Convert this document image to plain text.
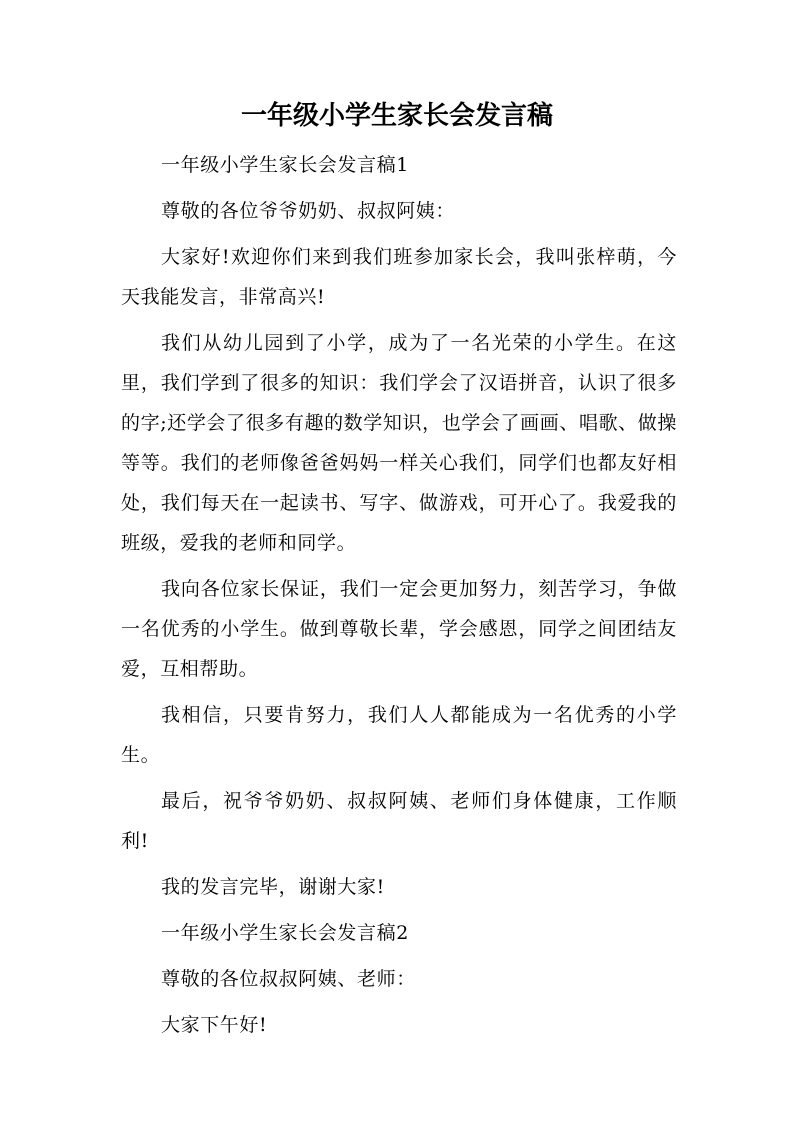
一年级小学生家长会发言稿

一年级小学生家长会发言稿1

尊敬的各位爷爷奶奶、叔叔阿姨：

大家好!欢迎你们来到我们班参加家长会，我叫张梓萌，今天我能发言，非常高兴!

我们从幼儿园到了小学，成为了一名光荣的小学生。在这里，我们学到了很多的知识：我们学会了汉语拼音，认识了很多的字;还学会了很多有趣的数学知识，也学会了画画、唱歌、做操等等。我们的老师像爸爸妈妈一样关心我们，同学们也都友好相处，我们每天在一起读书、写字、做游戏，可开心了。我爱我的班级，爱我的老师和同学。

我向各位家长保证，我们一定会更加努力，刻苦学习，争做一名优秀的小学生。做到尊敬长辈，学会感恩，同学之间团结友爱，互相帮助。

我相信，只要肯努力，我们人人都能成为一名优秀的小学生。

最后，祝爷爷奶奶、叔叔阿姨、老师们身体健康，工作顺利!

我的发言完毕，谢谢大家!

一年级小学生家长会发言稿2

尊敬的各位叔叔阿姨、老师：

大家下午好!
